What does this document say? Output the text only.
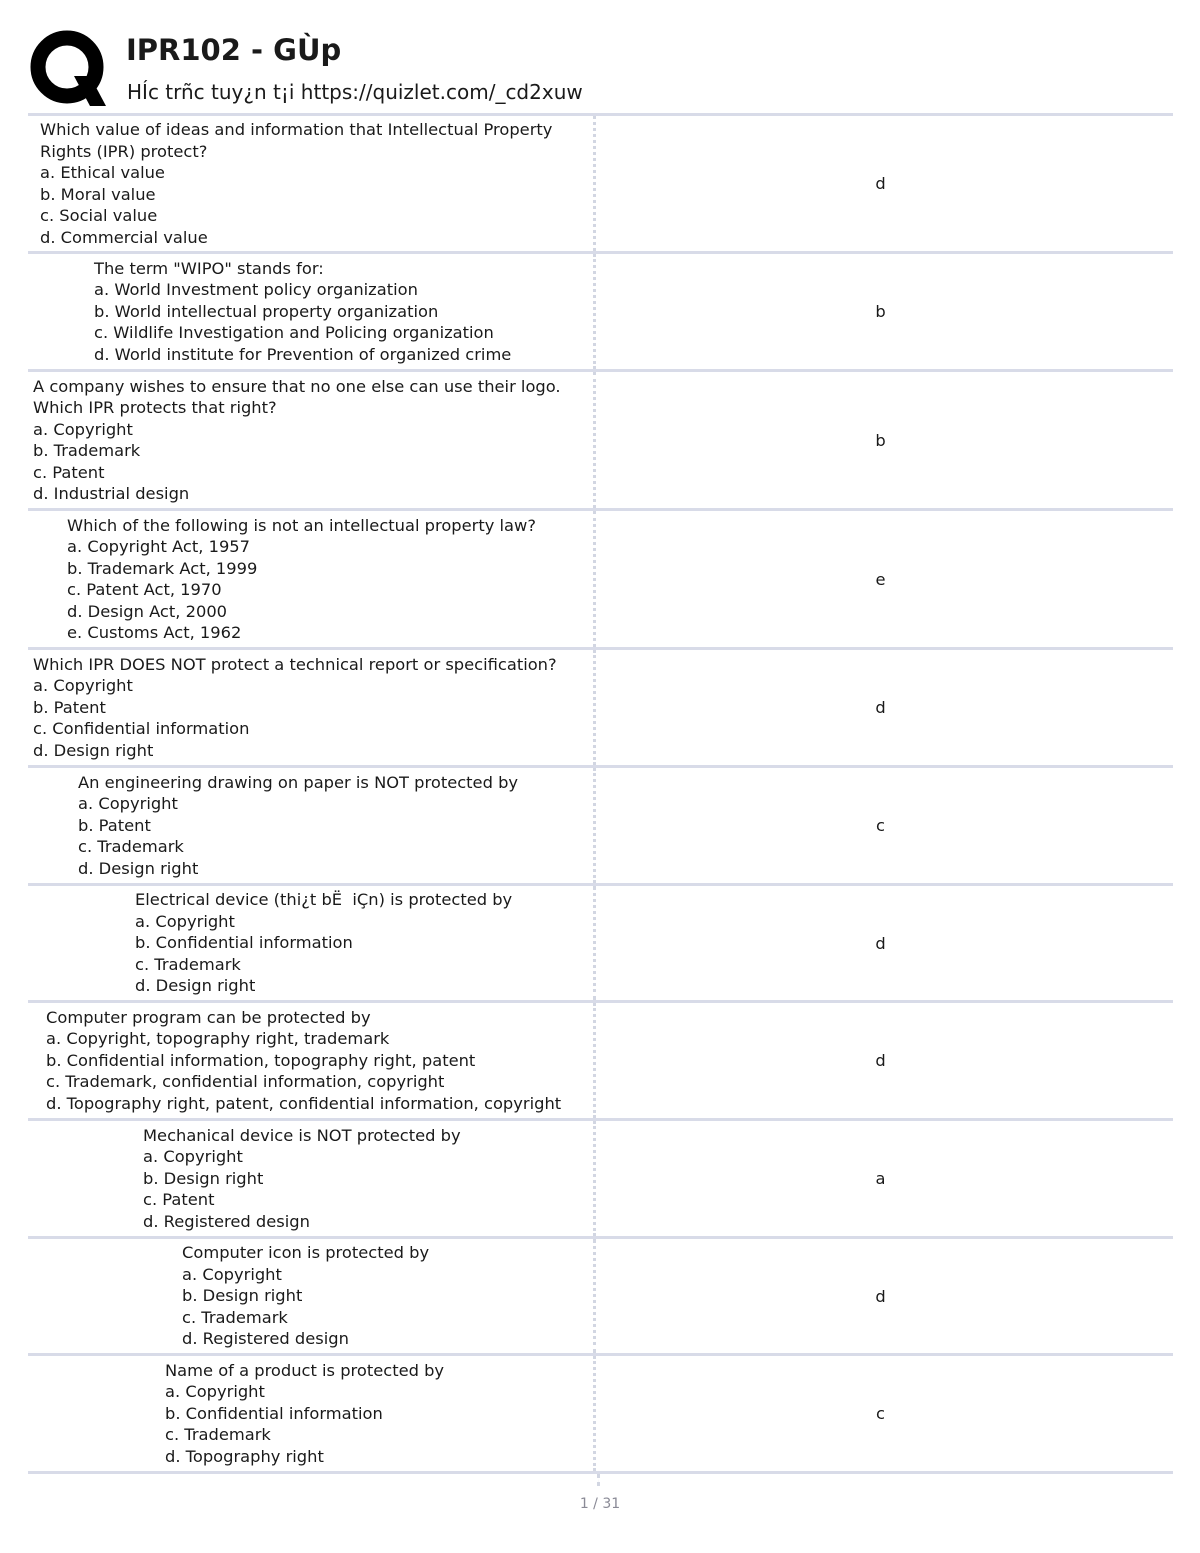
IPR102 - GÙp
HÍc trñc tuy¿n t¡i https://quizlet.com/_cd2xuw
Which value of ideas and information that Intellectual Property
Rights (IPR) protect?
a. Ethical value
b. Moral value
c. Social value
d. Commercial value
d
The term "WIPO" stands for:
a. World Investment policy organization
b. World intellectual property organization
c. Wildlife Investigation and Policing organization
d. World institute for Prevention of organized crime
b
A company wishes to ensure that no one else can use their logo.
Which IPR protects that right?
a. Copyright
b. Trademark
c. Patent
d. Industrial design
b
Which of the following is not an intellectual property law?
a. Copyright Act, 1957
b. Trademark Act, 1999
c. Patent Act, 1970
d. Design Act, 2000
e. Customs Act, 1962
e
Which IPR DOES NOT protect a technical report or specification?
a. Copyright
b. Patent
c. Confidential information
d. Design right
d
An engineering drawing on paper is NOT protected by
a. Copyright
b. Patent
c. Trademark
d. Design right
c
Electrical device (thi¿t bË  iÇn) is protected by
a. Copyright
b. Confidential information
c. Trademark
d. Design right
d
Computer program can be protected by
a. Copyright, topography right, trademark
b. Confidential information, topography right, patent
c. Trademark, confidential information, copyright
d. Topography right, patent, confidential information, copyright
d
Mechanical device is NOT protected by
a. Copyright
b. Design right
c. Patent
d. Registered design
a
Computer icon is protected by
a. Copyright
b. Design right
c. Trademark
d. Registered design
d
Name of a product is protected by
a. Copyright
b. Confidential information
c. Trademark
d. Topography right
c
1 / 31
